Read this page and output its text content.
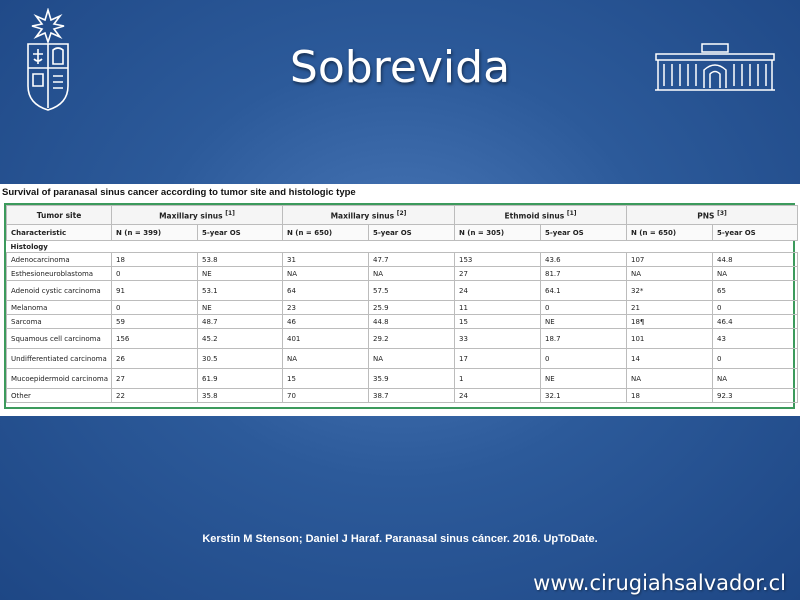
Sobrevida
Survival of paranasal sinus cancer according to tumor site and histologic type
Tumor site	Maxillary sinus [1]		Maxillary sinus [2]		Ethmoid sinus [1]		PNS [3]
Characteristic	N (n = 399)	5-year OS	N (n = 650)	5-year OS	N (n = 305)	5-year OS	N (n = 650)	5-year OS
Histology								
Adenocarcinoma	18	53.8	31	47.7	153	43.6	107	44.8
Esthesioneuroblastoma	0	NE	NA	NA	27	81.7	NA	NA
Adenoid cystic carcinoma	91	53.1	64	57.5	24	64.1	32*	65
Melanoma	0	NE	23	25.9	11	0	21	0
Sarcoma	59	48.7	46	44.8	15	NE	18¶	46.4
Squamous cell carcinoma	156	45.2	401	29.2	33	18.7	101	43
Undifferentiated carcinoma	26	30.5	NA	NA	17	0	14	0
Mucoepidermoid carcinoma	27	61.9	15	35.9	1	NE	NA	NA
Other	22	35.8	70	38.7	24	32.1	18	92.3
Kerstin M Stenson; Daniel J Haraf. Paranasal sinus cáncer. 2016. UpToDate.
www.cirugiahsalvador.cl
